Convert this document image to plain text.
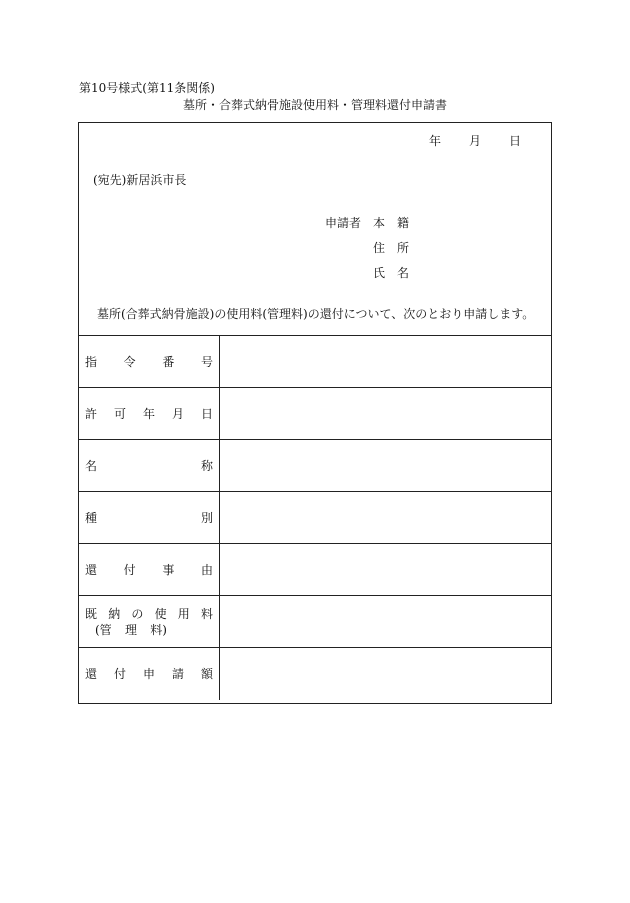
第10号様式(第11条関係)
墓所・合葬式納骨施設使用料・管理料還付申請書
年 月 日
(宛先)新居浜市長
申請者 本　籍
住　所
氏　名
墓所(合葬式納骨施設)の使用料(管理料)の還付について、次のとおり申請します。
指 令 番 号
許 可 年 月 日
名	称
種	別
還 付 事 由
既 納 の 使 用 料
(管 理 料)
還 付 申 請 額
